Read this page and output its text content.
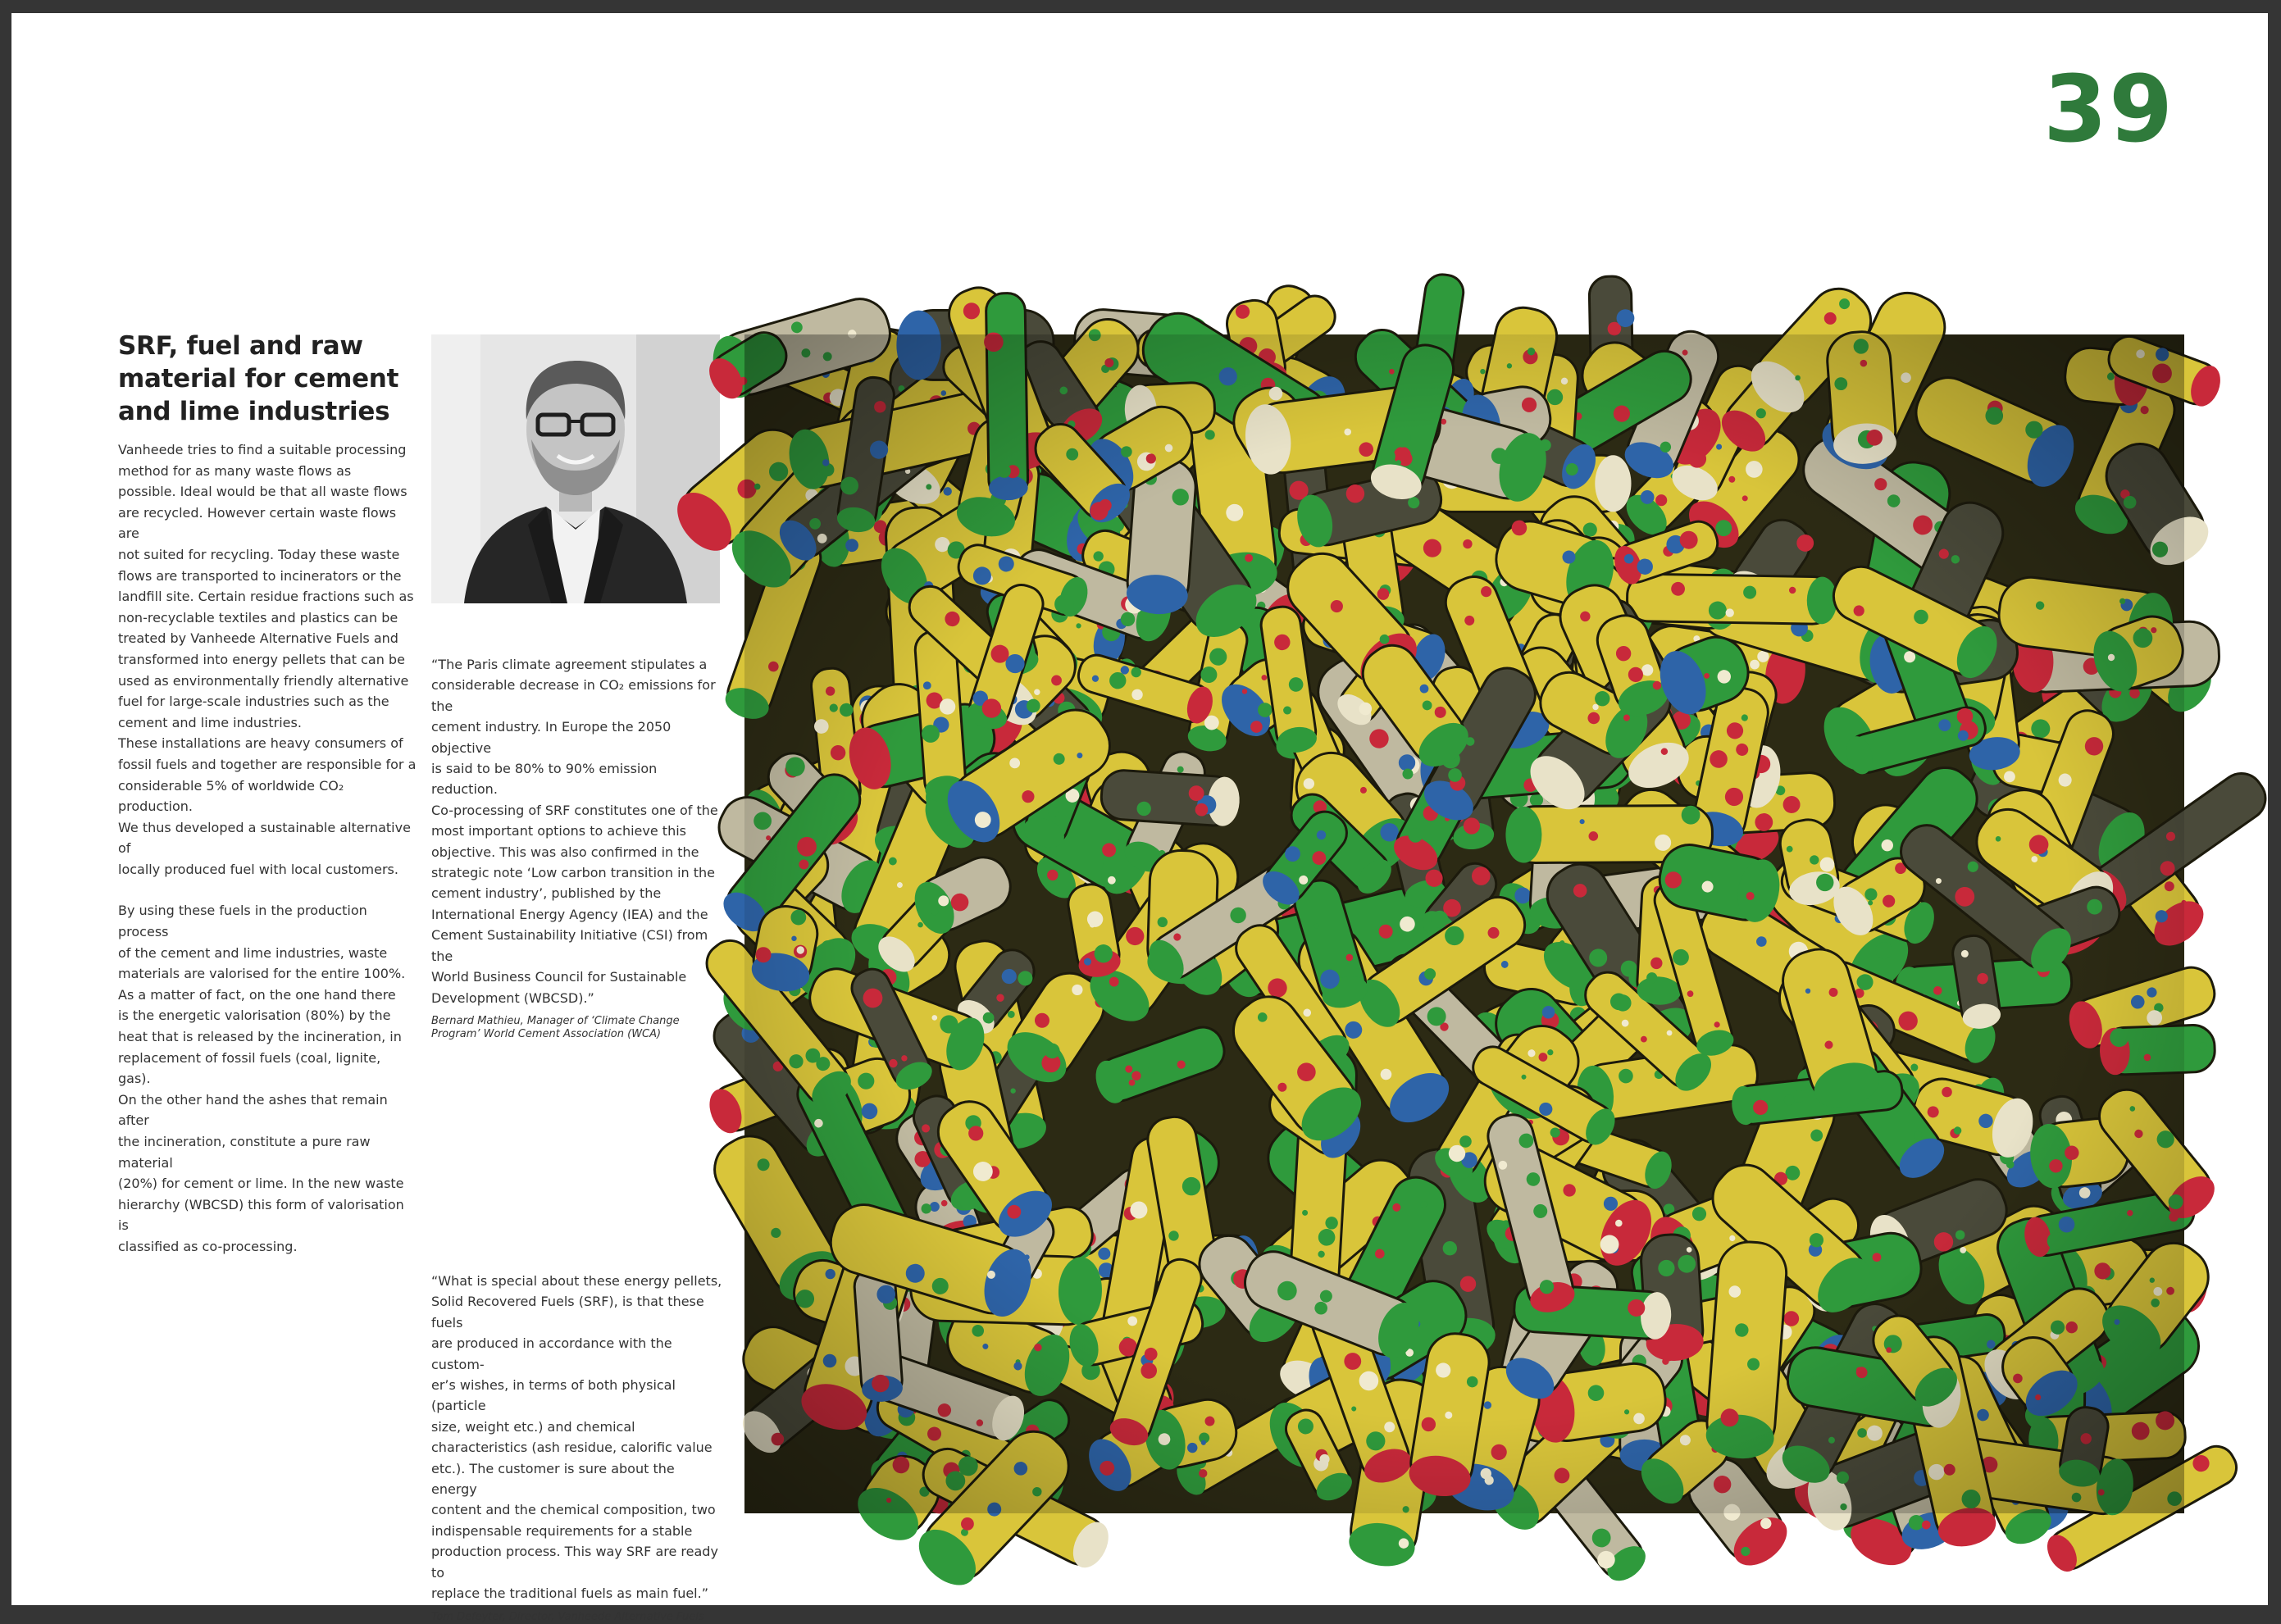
39
SRF, fuel and raw
material for cement
and lime industries

Vanheede tries to find a suitable processing
method for as many waste flows as
possible. Ideal would be that all waste flows
are recycled. However certain waste flows are
not suited for recycling. Today these waste
flows are transported to incinerators or the
landfill site. Certain residue fractions such as
non-recyclable textiles and plastics can be
treated by Vanheede Alternative Fuels and
transformed into energy pellets that can be
used as environmentally friendly alternative
fuel for large-scale industries such as the
cement and lime industries.
These installations are heavy consumers of
fossil fuels and together are responsible for a
considerable 5% of worldwide CO₂ production.
We thus developed a sustainable alternative of
locally produced fuel with local customers.

By using these fuels in the production process
of the cement and lime industries, waste
materials are valorised for the entire 100%.
As a matter of fact, on the one hand there
is the energetic valorisation (80%) by the
heat that is released by the incineration, in
replacement of fossil fuels (coal, lignite, gas).
On the other hand the ashes that remain after
the incineration, constitute a pure raw material
(20%) for cement or lime. In the new waste
hierarchy (WBCSD) this form of valorisation is
classified as co-processing.

“The Paris climate agreement stipulates a
considerable decrease in CO₂ emissions for the
cement industry. In Europe the 2050 objective
is said to be 80% to 90% emission reduction.
Co-processing of SRF constitutes one of the
most important options to achieve this
objective. This was also confirmed in the
strategic note ‘Low carbon transition in the
cement industry’, published by the
International Energy Agency (IEA) and the
Cement Sustainability Initiative (CSI) from the
World Business Council for Sustainable
Development (WBCSD).”

Bernard Mathieu, Manager of ‘Climate Change
Program’ World Cement Association (WCA)

“What is special about these energy pellets,
Solid Recovered Fuels (SRF), is that these fuels
are produced in accordance with the custom-
er’s wishes, in terms of both physical (particle
size, weight etc.) and chemical
characteristics (ash residue, calorific value
etc.). The customer is sure about the energy
content and the chemical composition, two
indispensable requirements for a stable
production process. This way SRF are ready to
replace the traditional fuels as main fuel.”

Tom Defeyter, Director, Vanheede Alternative Fuels
